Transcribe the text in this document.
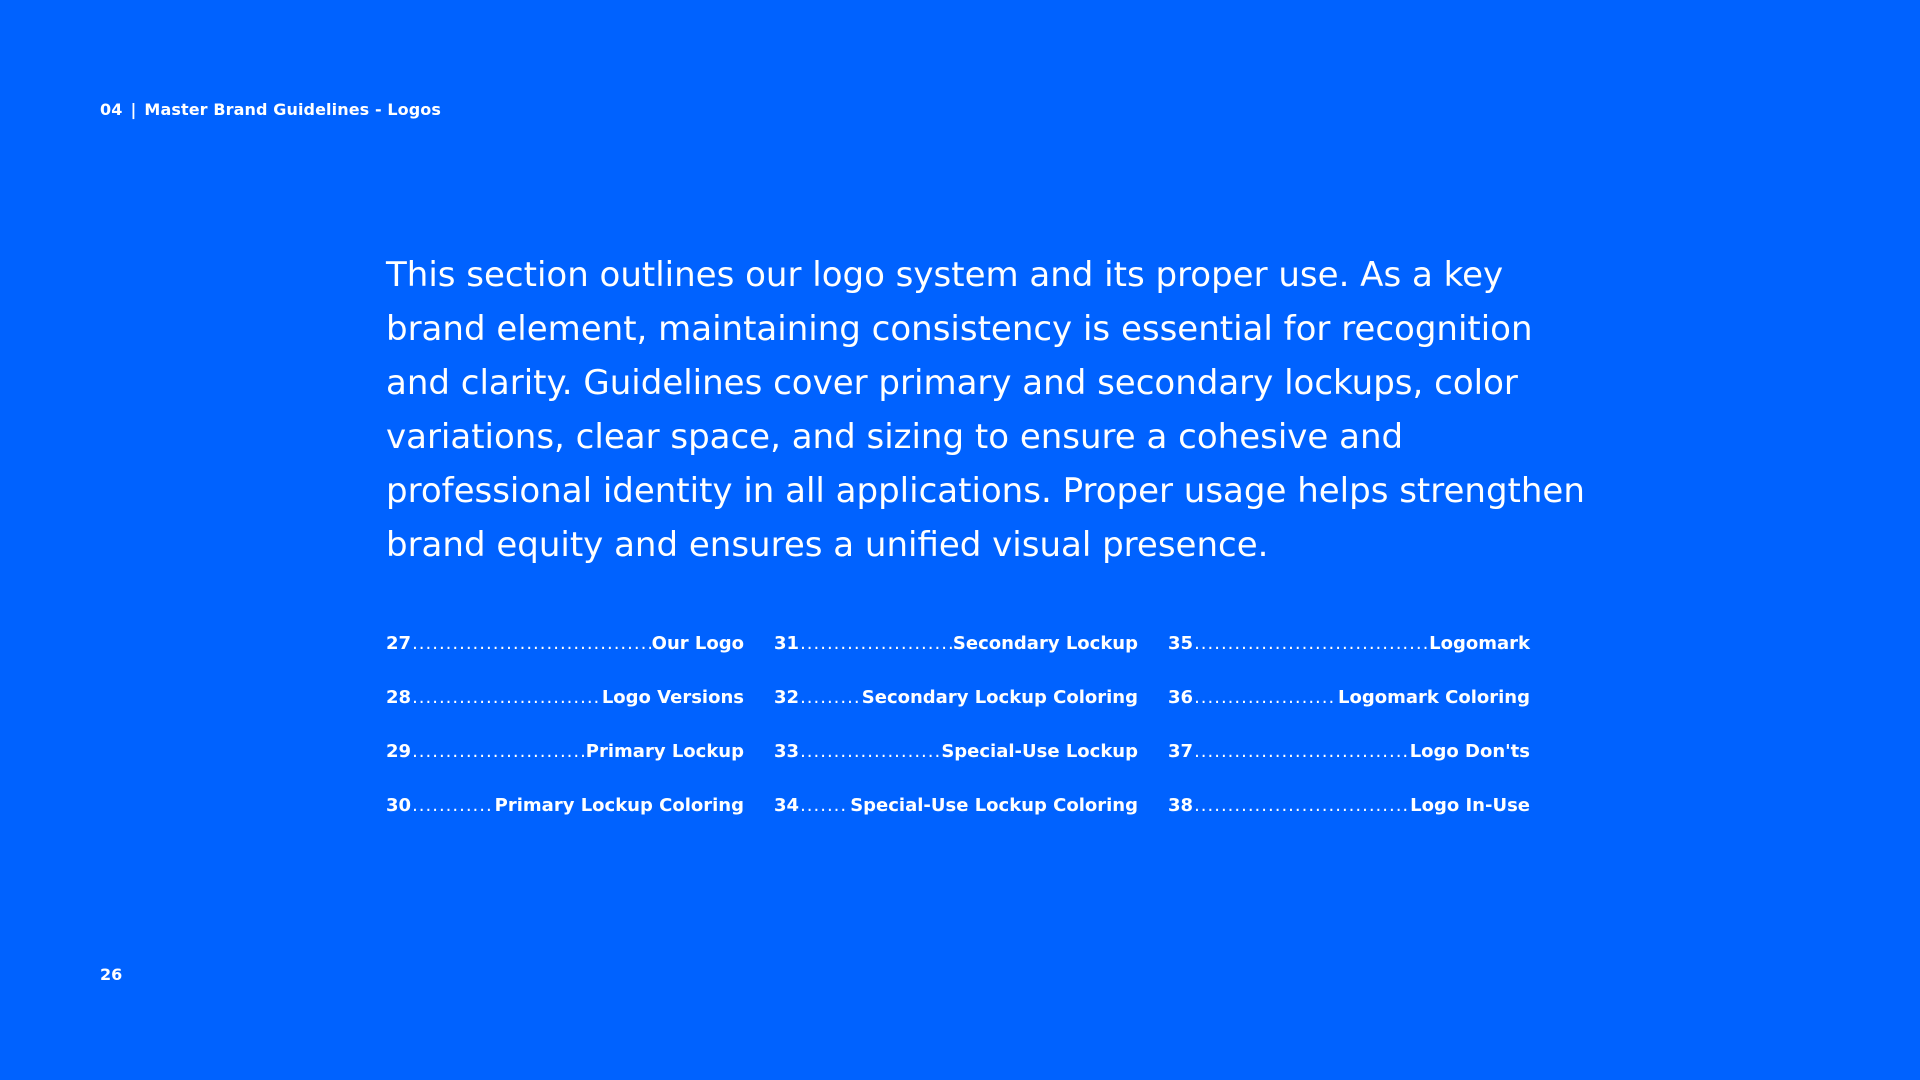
04 | Master Brand Guidelines - Logos

This section outlines our logo system and its proper use. As a key brand element, maintaining consistency is essential for recognition and clarity. Guidelines cover primary and secondary lockups, color variations, clear space, and sizing to ensure a cohesive and professional identity in all applications. Proper usage helps strengthen brand equity and ensures a unified visual presence.

27 .....	Our Logo
28 .....	Logo Versions
29 .....	Primary Lockup
30 .....	Primary Lockup Coloring
31 .....	Secondary Lockup
32 .....	Secondary Lockup Coloring
33 .....	Special-Use Lockup
34 .....	Special-Use Lockup Coloring
35 .....	Logomark
36 .....	Logomark Coloring
37 .....	Logo Don'ts
38 .....	Logo In-Use
26
